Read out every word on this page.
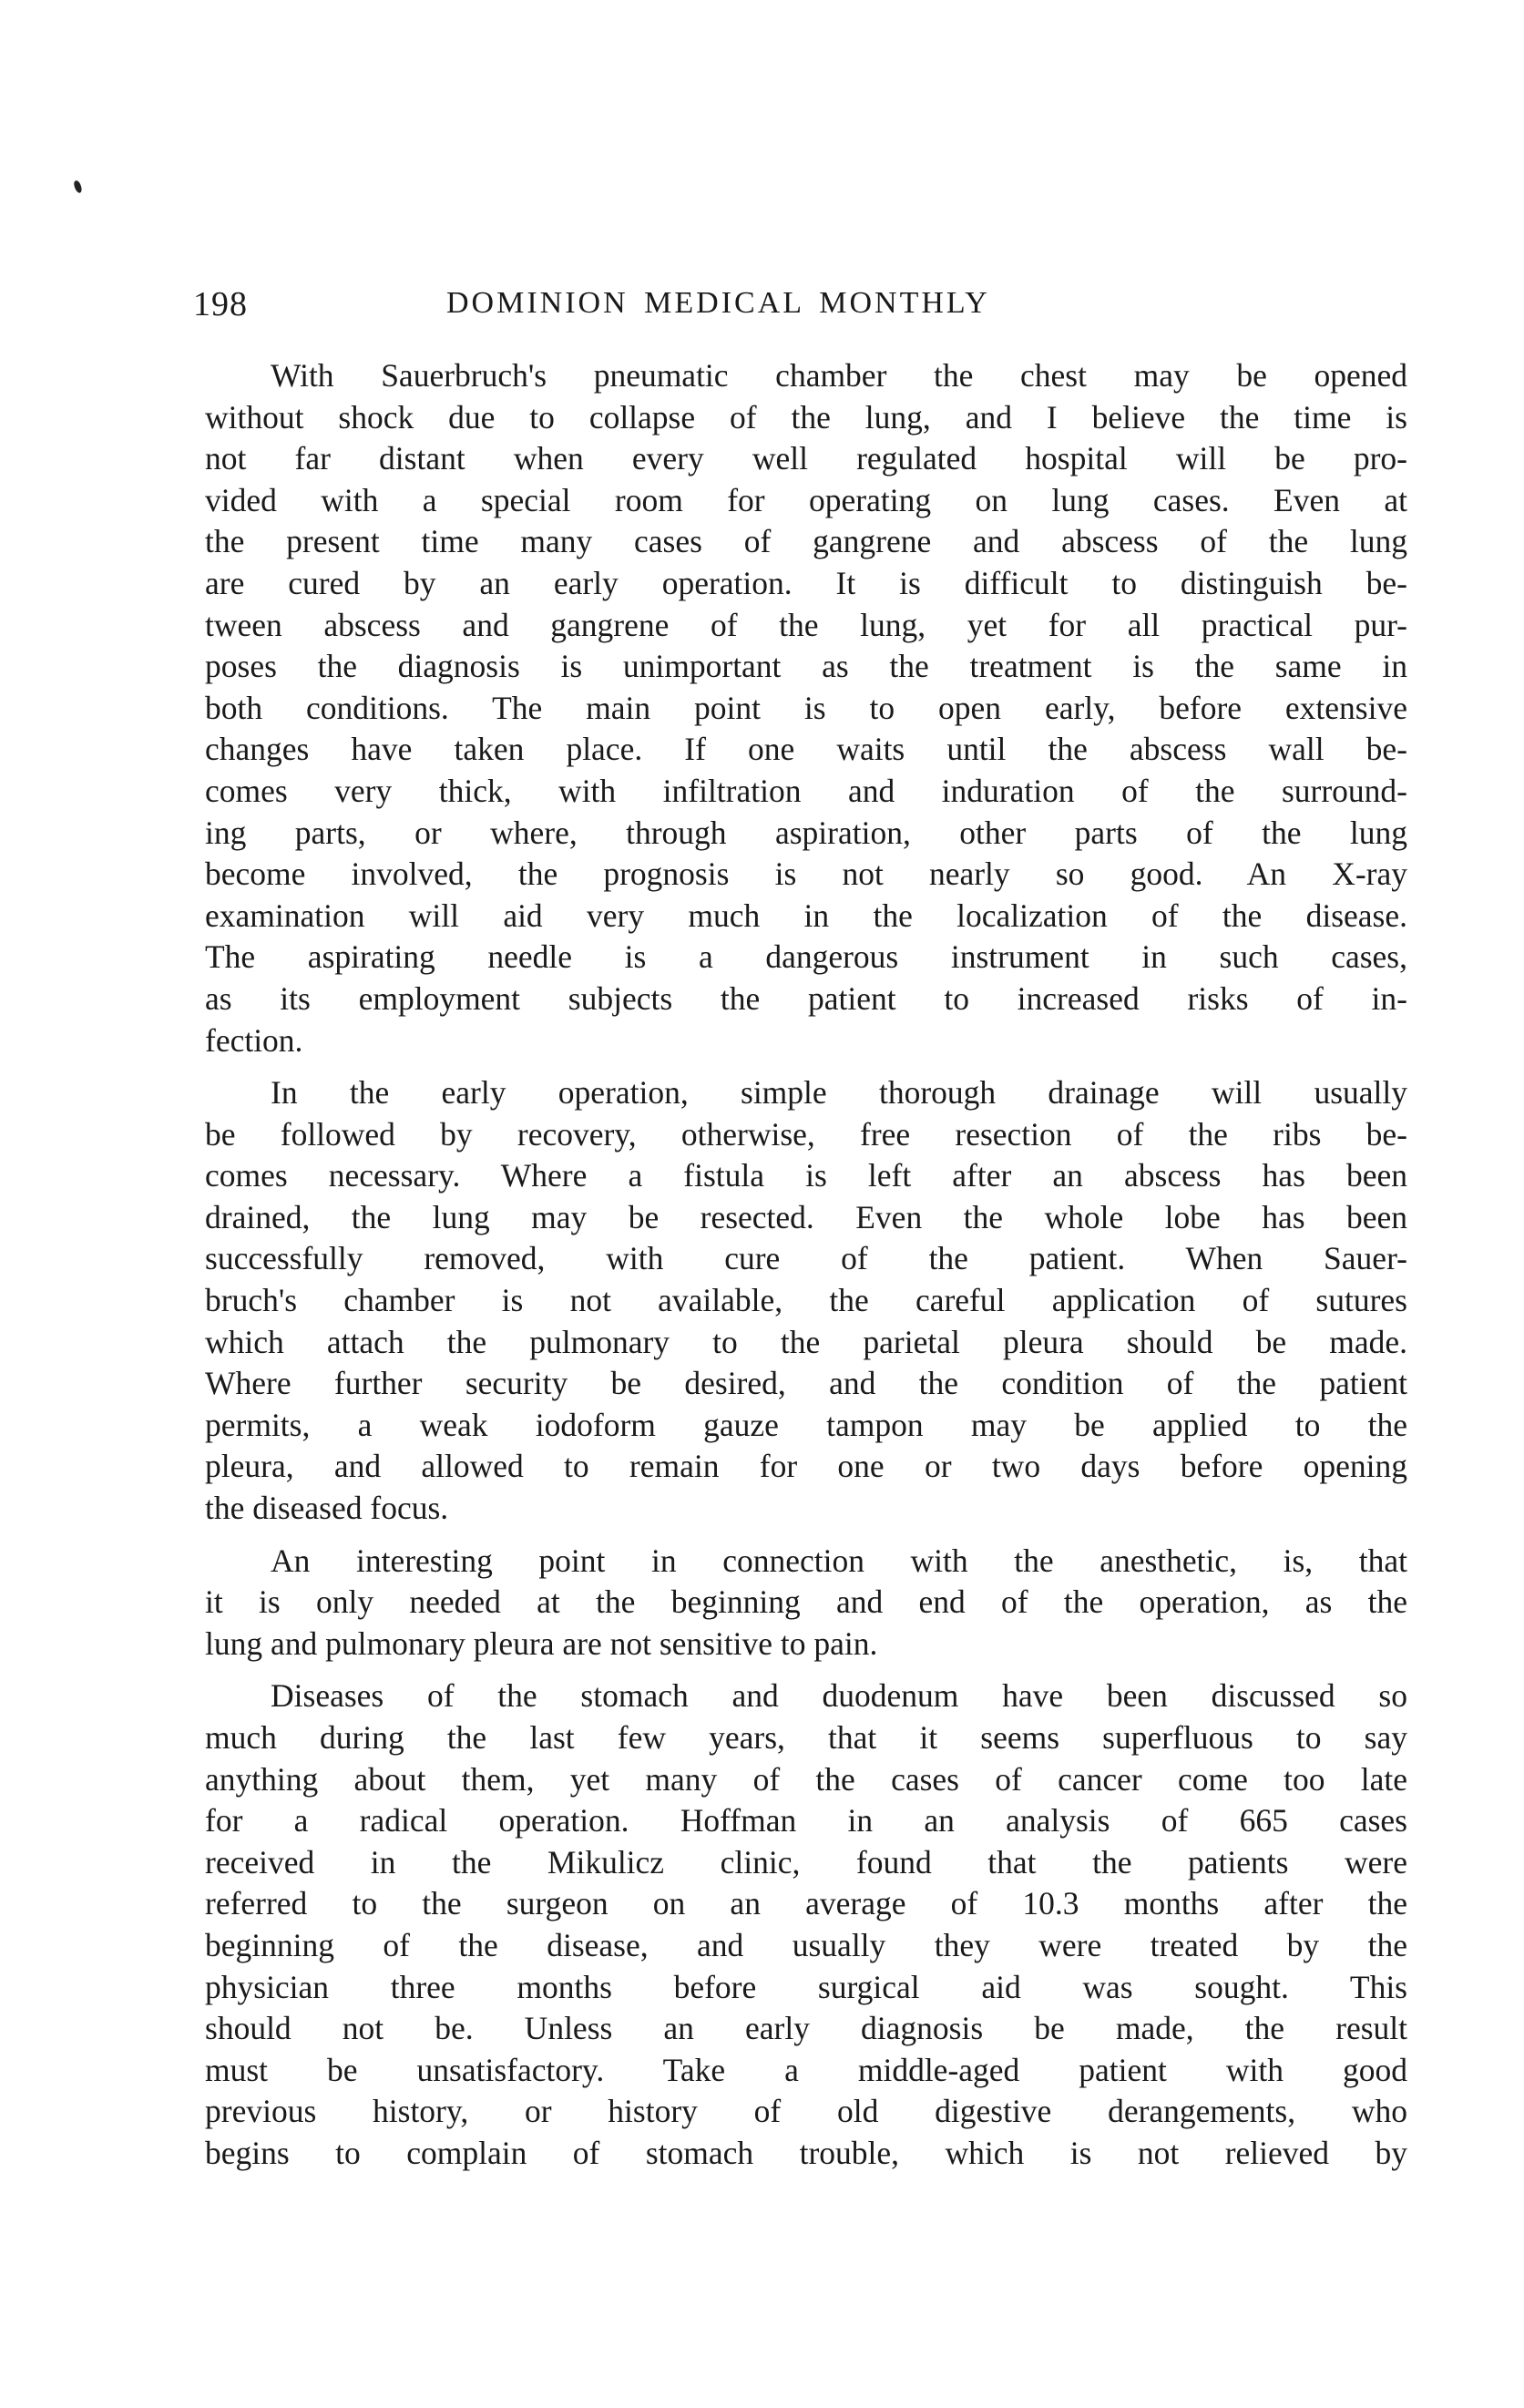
198	DOMINION MEDICAL MONTHLY
With Sauerbruch's pneumatic chamber the chest may be opened
without shock due to collapse of the lung, and I believe the time is
not far distant when every well regulated hospital will be pro-
vided with a special room for operating on lung cases. Even at
the present time many cases of gangrene and abscess of the lung
are cured by an early operation. It is difficult to distinguish be-
tween abscess and gangrene of the lung, yet for all practical pur-
poses the diagnosis is unimportant as the treatment is the same in
both conditions. The main point is to open early, before extensive
changes have taken place. If one waits until the abscess wall be-
comes very thick, with infiltration and induration of the surround-
ing parts, or where, through aspiration, other parts of the lung
become involved, the prognosis is not nearly so good. An X-ray
examination will aid very much in the localization of the disease.
The aspirating needle is a dangerous instrument in such cases,
as its employment subjects the patient to increased risks of in-
fection.
In the early operation, simple thorough drainage will usually
be followed by recovery, otherwise, free resection of the ribs be-
comes necessary. Where a fistula is left after an abscess has been
drained, the lung may be resected. Even the whole lobe has been
successfully removed, with cure of the patient. When Sauer-
bruch's chamber is not available, the careful application of sutures
which attach the pulmonary to the parietal pleura should be made.
Where further security be desired, and the condition of the patient
permits, a weak iodoform gauze tampon may be applied to the
pleura, and allowed to remain for one or two days before opening
the diseased focus.
An interesting point in connection with the anesthetic, is, that
it is only needed at the beginning and end of the operation, as the
lung and pulmonary pleura are not sensitive to pain.
Diseases of the stomach and duodenum have been discussed so
much during the last few years, that it seems superfluous to say
anything about them, yet many of the cases of cancer come too late
for a radical operation. Hoffman in an analysis of 665 cases
received in the Mikulicz clinic, found that the patients were
referred to the surgeon on an average of 10.3 months after the
beginning of the disease, and usually they were treated by the
physician three months before surgical aid was sought. This
should not be. Unless an early diagnosis be made, the result
must be unsatisfactory. Take a middle-aged patient with good
previous history, or history of old digestive derangements, who
begins to complain of stomach trouble, which is not relieved by
